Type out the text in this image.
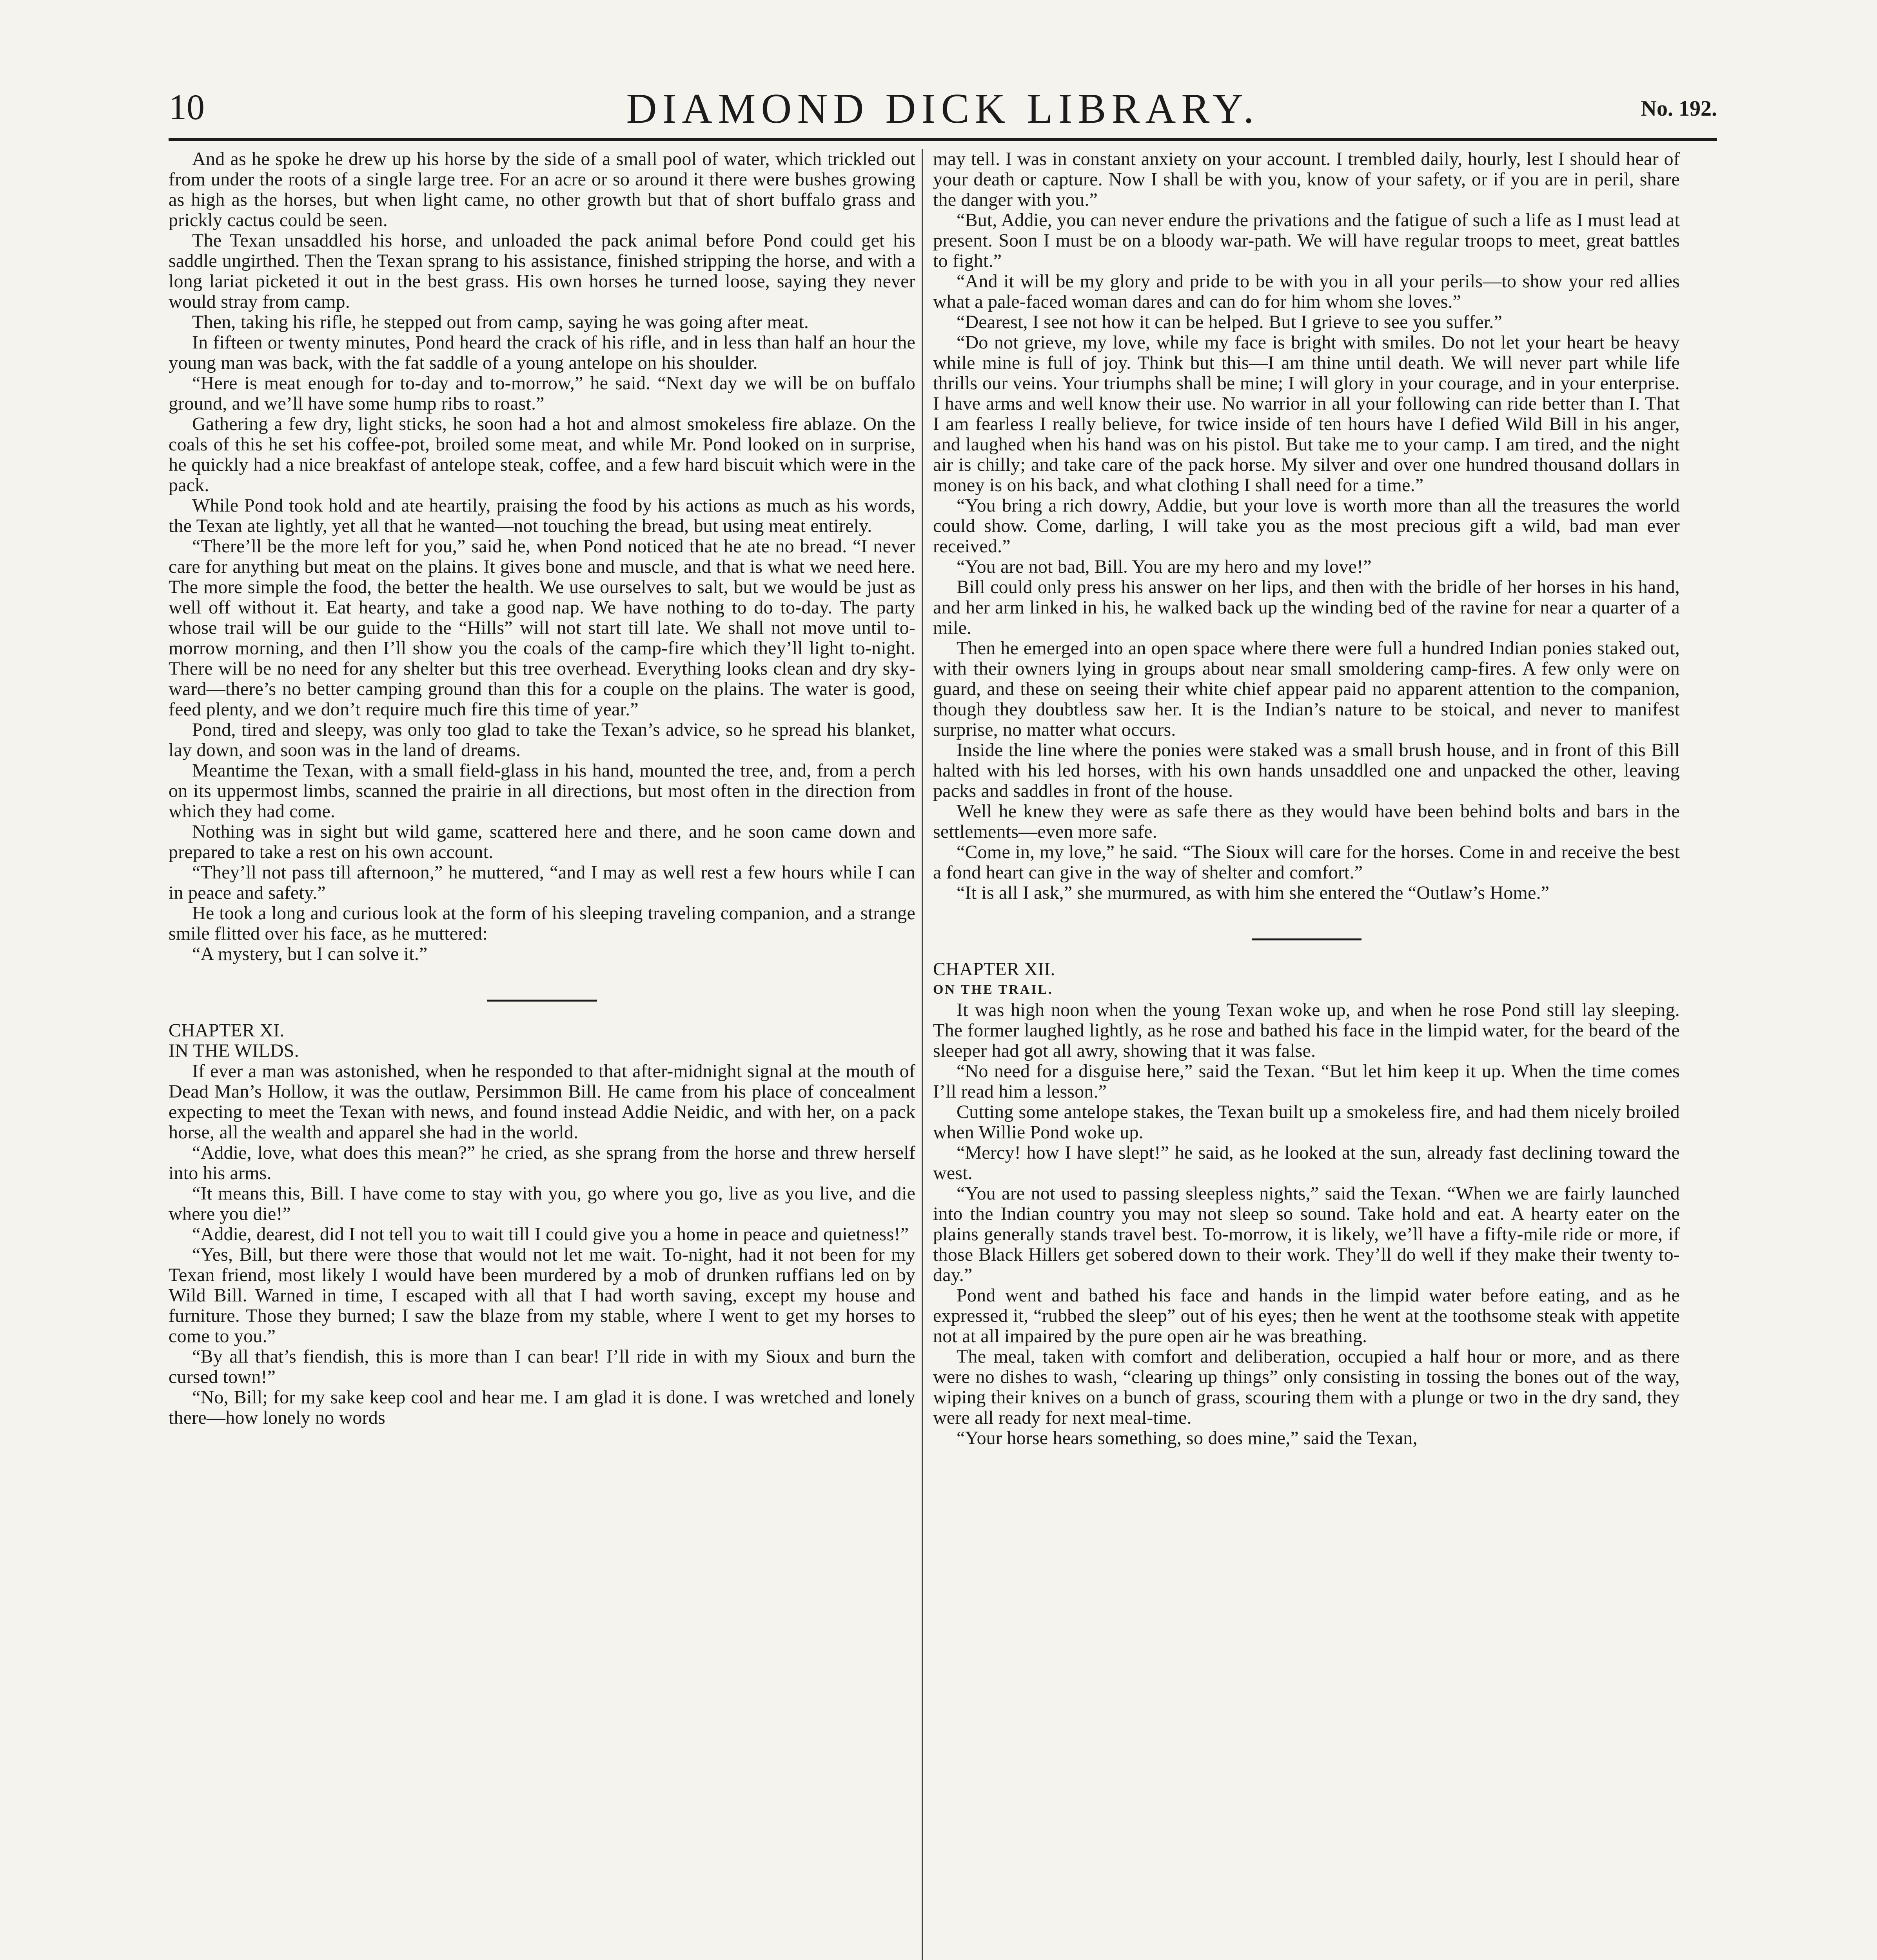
10	DIAMOND DICK LIBRARY.	No. 192.

And as he spoke he drew up his horse by the side of a small pool of water, which trickled out from under the roots of a single large tree. For an acre or so around it there were bushes growing as high as the horses, but when light came, no other growth but that of short buffalo grass and prickly cactus could be seen.

The Texan unsaddled his horse, and unloaded the pack animal before Pond could get his saddle ungirthed. Then the Texan sprang to his assistance, finished stripping the horse, and with a long lariat picketed it out in the best grass. His own horses he turned loose, saying they never would stray from camp.

Then, taking his rifle, he stepped out from camp, saying he was going after meat.

In fifteen or twenty minutes, Pond heard the crack of his rifle, and in less than half an hour the young man was back, with the fat saddle of a young antelope on his shoulder.

“Here is meat enough for to-day and to-morrow,” he said. “Next day we will be on buffalo ground, and we’ll have some hump ribs to roast.”

Gathering a few dry, light sticks, he soon had a hot and almost smokeless fire ablaze. On the coals of this he set his coffee-pot, broiled some meat, and while Mr. Pond looked on in surprise, he quickly had a nice breakfast of antelope steak, coffee, and a few hard biscuit which were in the pack.

While Pond took hold and ate heartily, praising the food by his actions as much as his words, the Texan ate lightly, yet all that he wanted—not touching the bread, but using meat entirely.

“There’ll be the more left for you,” said he, when Pond noticed that he ate no bread. “I never care for anything but meat on the plains. It gives bone and muscle, and that is what we need here. The more simple the food, the better the health. We use ourselves to salt, but we would be just as well off without it. Eat hearty, and take a good nap. We have nothing to do to-day. The party whose trail will be our guide to the “Hills” will not start till late. We shall not move until to-morrow morning, and then I’ll show you the coals of the camp-fire which they’ll light to-night. There will be no need for any shelter but this tree overhead. Everything looks clean and dry sky-ward—there’s no better camping ground than this for a couple on the plains. The water is good, feed plenty, and we don’t require much fire this time of year.”

Pond, tired and sleepy, was only too glad to take the Texan’s advice, so he spread his blanket, lay down, and soon was in the land of dreams.

Meantime the Texan, with a small field-glass in his hand, mounted the tree, and, from a perch on its uppermost limbs, scanned the prairie in all directions, but most often in the direction from which they had come.

Nothing was in sight but wild game, scattered here and there, and he soon came down and prepared to take a rest on his own account.

“They’ll not pass till afternoon,” he muttered, “and I may as well rest a few hours while I can in peace and safety.”

He took a long and curious look at the form of his sleeping traveling companion, and a strange smile flitted over his face, as he muttered:

“A mystery, but I can solve it.”

CHAPTER XI.

IN THE WILDS.

If ever a man was astonished, when he responded to that after-midnight signal at the mouth of Dead Man’s Hollow, it was the outlaw, Persimmon Bill. He came from his place of concealment expecting to meet the Texan with news, and found instead Addie Neidic, and with her, on a pack horse, all the wealth and apparel she had in the world.

“Addie, love, what does this mean?” he cried, as she sprang from the horse and threw herself into his arms.

“It means this, Bill. I have come to stay with you, go where you go, live as you live, and die where you die!”

“Addie, dearest, did I not tell you to wait till I could give you a home in peace and quietness!”

“Yes, Bill, but there were those that would not let me wait. To-night, had it not been for my Texan friend, most likely I would have been murdered by a mob of drunken ruffians led on by Wild Bill. Warned in time, I escaped with all that I had worth saving, except my house and furniture. Those they burned; I saw the blaze from my stable, where I went to get my horses to come to you.”

“By all that’s fiendish, this is more than I can bear! I’ll ride in with my Sioux and burn the cursed town!”

“No, Bill; for my sake keep cool and hear me. I am glad it is done. I was wretched and lonely there—how lonely no words

may tell. I was in constant anxiety on your account. I trembled daily, hourly, lest I should hear of your death or capture. Now I shall be with you, know of your safety, or if you are in peril, share the danger with you.”

“But, Addie, you can never endure the privations and the fatigue of such a life as I must lead at present. Soon I must be on a bloody war-path. We will have regular troops to meet, great battles to fight.”

“And it will be my glory and pride to be with you in all your perils—to show your red allies what a pale-faced woman dares and can do for him whom she loves.”

“Dearest, I see not how it can be helped. But I grieve to see you suffer.”

“Do not grieve, my love, while my face is bright with smiles. Do not let your heart be heavy while mine is full of joy. Think but this—I am thine until death. We will never part while life thrills our veins. Your triumphs shall be mine; I will glory in your courage, and in your enterprise. I have arms and well know their use. No warrior in all your following can ride better than I. That I am fearless I really believe, for twice inside of ten hours have I defied Wild Bill in his anger, and laughed when his hand was on his pistol. But take me to your camp. I am tired, and the night air is chilly; and take care of the pack horse. My silver and over one hundred thousand dollars in money is on his back, and what clothing I shall need for a time.”

“You bring a rich dowry, Addie, but your love is worth more than all the treasures the world could show. Come, darling, I will take you as the most precious gift a wild, bad man ever received.”

“You are not bad, Bill. You are my hero and my love!”

Bill could only press his answer on her lips, and then with the bridle of her horses in his hand, and her arm linked in his, he walked back up the winding bed of the ravine for near a quarter of a mile.

Then he emerged into an open space where there were full a hundred Indian ponies staked out, with their owners lying in groups about near small smoldering camp-fires. A few only were on guard, and these on seeing their white chief appear paid no apparent attention to the companion, though they doubtless saw her. It is the Indian’s nature to be stoical, and never to manifest surprise, no matter what occurs.

Inside the line where the ponies were staked was a small brush house, and in front of this Bill halted with his led horses, with his own hands unsaddled one and unpacked the other, leaving packs and saddles in front of the house.

Well he knew they were as safe there as they would have been behind bolts and bars in the settlements—even more safe.

“Come in, my love,” he said. “The Sioux will care for the horses. Come in and receive the best a fond heart can give in the way of shelter and comfort.”

“It is all I ask,” she murmured, as with him she entered the “Outlaw’s Home.”

CHAPTER XII.

ON THE TRAIL.

It was high noon when the young Texan woke up, and when he rose Pond still lay sleeping. The former laughed lightly, as he rose and bathed his face in the limpid water, for the beard of the sleeper had got all awry, showing that it was false.

“No need for a disguise here,” said the Texan. “But let him keep it up. When the time comes I’ll read him a lesson.”

Cutting some antelope stakes, the Texan built up a smokeless fire, and had them nicely broiled when Willie Pond woke up.

“Mercy! how I have slept!” he said, as he looked at the sun, already fast declining toward the west.

“You are not used to passing sleepless nights,” said the Texan. “When we are fairly launched into the Indian country you may not sleep so sound. Take hold and eat. A hearty eater on the plains generally stands travel best. To-morrow, it is likely, we’ll have a fifty-mile ride or more, if those Black Hillers get sobered down to their work. They’ll do well if they make their twenty to-day.”

Pond went and bathed his face and hands in the limpid water before eating, and as he expressed it, “rubbed the sleep” out of his eyes; then he went at the toothsome steak with appetite not at all impaired by the pure open air he was breathing.

The meal, taken with comfort and deliberation, occupied a half hour or more, and as there were no dishes to wash, “clearing up things” only consisting in tossing the bones out of the way, wiping their knives on a bunch of grass, scouring them with a plunge or two in the dry sand, they were all ready for next meal-time.

“Your horse hears something, so does mine,” said the Texan,
